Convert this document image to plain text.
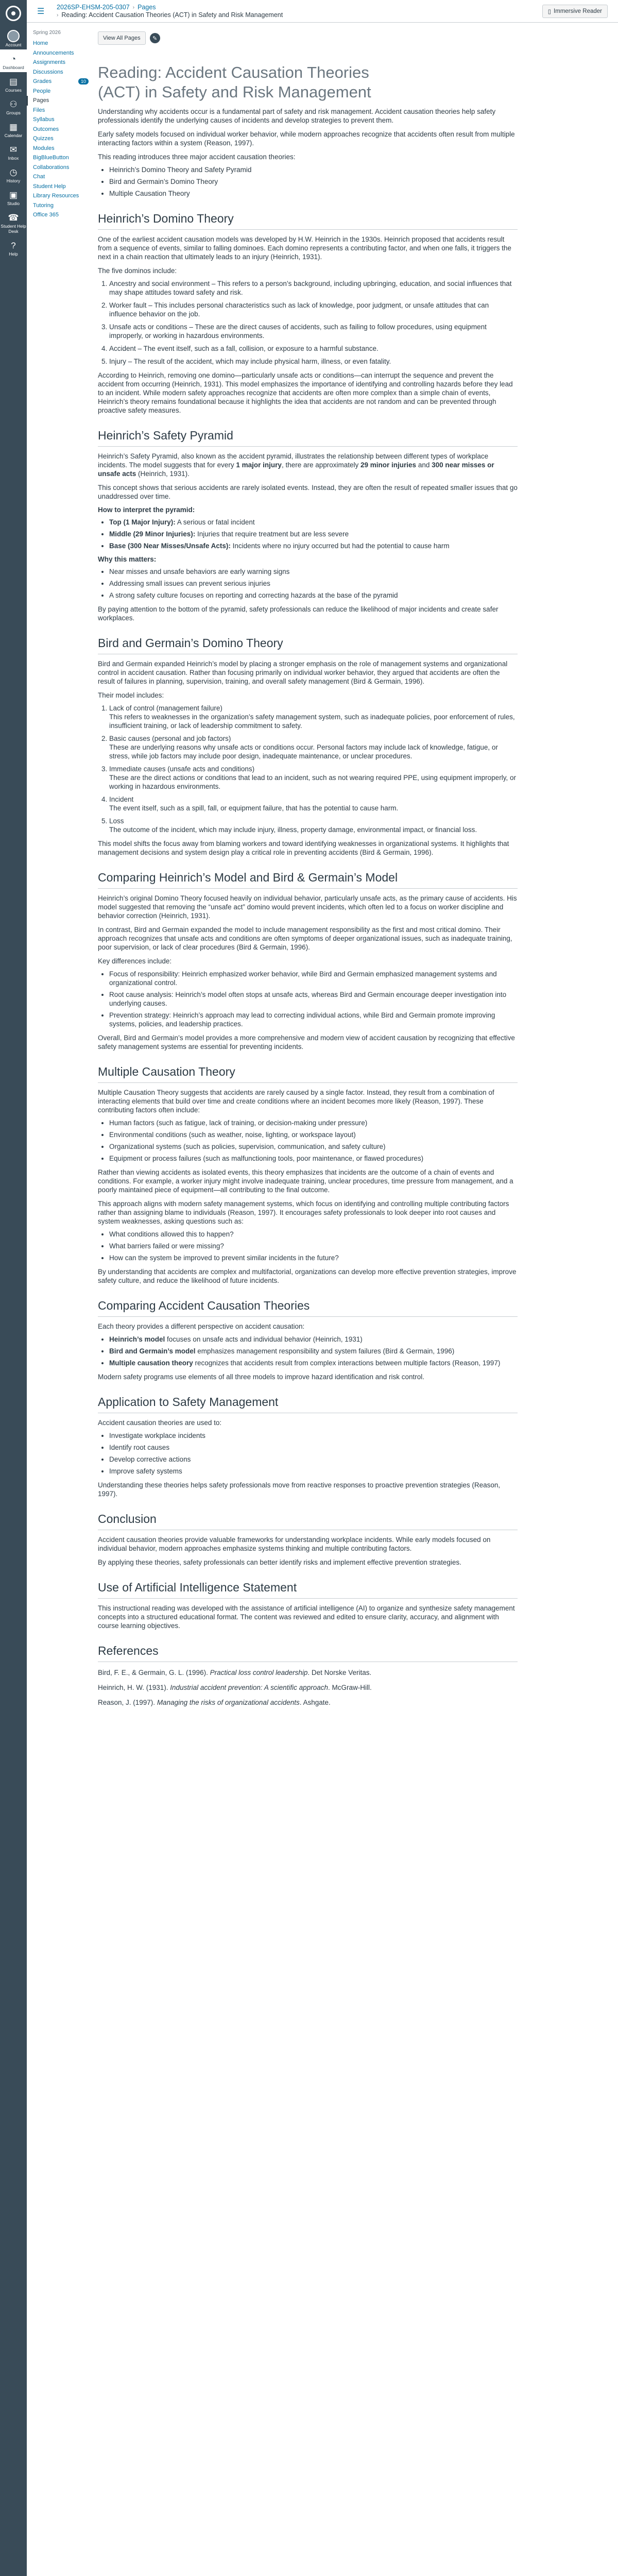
Account
◔
Dashboard
▤
Courses
⚇
Groups
▦
Calendar
✉
Inbox
◷
History
▣
Studio
☎
Student Help Desk
?
Help
☰	2026SP-EHSM-205-0307 › Pages
› Reading: Accident Causation Theories (ACT) in Safety and Risk Management	▯ Immersive Reader
Spring 2026
Home
Announcements
Assignments
Discussions
Grades	10
People
Pages
Files
Syllabus
Outcomes
Quizzes
Modules
BigBlueButton
Collaborations
Chat
Student Help
Library Resources
Tutoring
Office 365
View All Pages	✎
Reading: Accident Causation Theories (ACT) in Safety and Risk Management

Understanding why accidents occur is a fundamental part of safety and risk management. Accident causation theories help safety professionals identify the underlying causes of incidents and develop strategies to prevent them.

Early safety models focused on individual worker behavior, while modern approaches recognize that accidents often result from multiple interacting factors within a system (Reason, 1997).

This reading introduces three major accident causation theories:

• Heinrich’s Domino Theory and Safety Pyramid
• Bird and Germain’s Domino Theory
• Multiple Causation Theory
Heinrich’s Domino Theory

One of the earliest accident causation models was developed by H.W. Heinrich in the 1930s. Heinrich proposed that accidents result from a sequence of events, similar to falling dominoes. Each domino represents a contributing factor, and when one falls, it triggers the next in a chain reaction that ultimately leads to an injury (Heinrich, 1931).

The five dominos include:

1. Ancestry and social environment – This refers to a person’s background, including upbringing, education, and social influences that may shape attitudes toward safety and risk.
2. Worker fault – This includes personal characteristics such as lack of knowledge, poor judgment, or unsafe attitudes that can influence behavior on the job.
3. Unsafe acts or conditions – These are the direct causes of accidents, such as failing to follow procedures, using equipment improperly, or working in hazardous environments.
4. Accident – The event itself, such as a fall, collision, or exposure to a harmful substance.
5. Injury – The result of the accident, which may include physical harm, illness, or even fatality.

According to Heinrich, removing one domino—particularly unsafe acts or conditions—can interrupt the sequence and prevent the accident from occurring (Heinrich, 1931). This model emphasizes the importance of identifying and controlling hazards before they lead to an incident. While modern safety approaches recognize that accidents are often more complex than a simple chain of events, Heinrich’s theory remains foundational because it highlights the idea that accidents are not random and can be prevented through proactive safety measures.

Heinrich’s Safety Pyramid

Heinrich’s Safety Pyramid, also known as the accident pyramid, illustrates the relationship between different types of workplace incidents. The model suggests that for every 1 major injury, there are approximately 29 minor injuries and 300 near misses or unsafe acts (Heinrich, 1931).

This concept shows that serious accidents are rarely isolated events. Instead, they are often the result of repeated smaller issues that go unaddressed over time.

How to interpret the pyramid:
• Top (1 Major Injury): A serious or fatal incident
• Middle (29 Minor Injuries): Injuries that require treatment but are less severe
• Base (300 Near Misses/Unsafe Acts): Incidents where no injury occurred but had the potential to cause harm
Why this matters:
• Near misses and unsafe behaviors are early warning signs
• Addressing small issues can prevent serious injuries
• A strong safety culture focuses on reporting and correcting hazards at the base of the pyramid

By paying attention to the bottom of the pyramid, safety professionals can reduce the likelihood of major incidents and create safer workplaces.

Bird and Germain’s Domino Theory

Bird and Germain expanded Heinrich’s model by placing a stronger emphasis on the role of management systems and organizational control in accident causation. Rather than focusing primarily on individual worker behavior, they argued that accidents are often the result of failures in planning, supervision, training, and overall safety management (Bird & Germain, 1996).

Their model includes:

1. Lack of control (management failure)
This refers to weaknesses in the organization’s safety management system, such as inadequate policies, poor enforcement of rules, insufficient training, or lack of leadership commitment to safety.
2. Basic causes (personal and job factors)
These are underlying reasons why unsafe acts or conditions occur. Personal factors may include lack of knowledge, fatigue, or stress, while job factors may include poor design, inadequate maintenance, or unclear procedures.
3. Immediate causes (unsafe acts and conditions)
These are the direct actions or conditions that lead to an incident, such as not wearing required PPE, using equipment improperly, or working in hazardous environments.
4. Incident
The event itself, such as a spill, fall, or equipment failure, that has the potential to cause harm.
5. Loss
The outcome of the incident, which may include injury, illness, property damage, environmental impact, or financial loss.

This model shifts the focus away from blaming workers and toward identifying weaknesses in organizational systems. It highlights that management decisions and system design play a critical role in preventing accidents (Bird & Germain, 1996).

Comparing Heinrich’s Model and Bird & Germain’s Model

Heinrich’s original Domino Theory focused heavily on individual behavior, particularly unsafe acts, as the primary cause of accidents. His model suggested that removing the “unsafe act” domino would prevent incidents, which often led to a focus on worker discipline and behavior correction (Heinrich, 1931).

In contrast, Bird and Germain expanded the model to include management responsibility as the first and most critical domino. Their approach recognizes that unsafe acts and conditions are often symptoms of deeper organizational issues, such as inadequate training, poor supervision, or lack of clear procedures (Bird & Germain, 1996).

Key differences include:

• Focus of responsibility: Heinrich emphasized worker behavior, while Bird and Germain emphasized management systems and organizational control.
• Root cause analysis: Heinrich’s model often stops at unsafe acts, whereas Bird and Germain encourage deeper investigation into underlying causes.
• Prevention strategy: Heinrich’s approach may lead to correcting individual actions, while Bird and Germain promote improving systems, policies, and leadership practices.

Overall, Bird and Germain’s model provides a more comprehensive and modern view of accident causation by recognizing that effective safety management systems are essential for preventing incidents.

Multiple Causation Theory

Multiple Causation Theory suggests that accidents are rarely caused by a single factor. Instead, they result from a combination of interacting elements that build over time and create conditions where an incident becomes more likely (Reason, 1997). These contributing factors often include:

• Human factors (such as fatigue, lack of training, or decision-making under pressure)
• Environmental conditions (such as weather, noise, lighting, or workspace layout)
• Organizational systems (such as policies, supervision, communication, and safety culture)
• Equipment or process failures (such as malfunctioning tools, poor maintenance, or flawed procedures)

Rather than viewing accidents as isolated events, this theory emphasizes that incidents are the outcome of a chain of events and conditions. For example, a worker injury might involve inadequate training, unclear procedures, time pressure from management, and a poorly maintained piece of equipment—all contributing to the final outcome.

This approach aligns with modern safety management systems, which focus on identifying and controlling multiple contributing factors rather than assigning blame to individuals (Reason, 1997). It encourages safety professionals to look deeper into root causes and system weaknesses, asking questions such as:

• What conditions allowed this to happen?
• What barriers failed or were missing?
• How can the system be improved to prevent similar incidents in the future?

By understanding that accidents are complex and multifactorial, organizations can develop more effective prevention strategies, improve safety culture, and reduce the likelihood of future incidents.

Comparing Accident Causation Theories

Each theory provides a different perspective on accident causation:

• Heinrich’s model focuses on unsafe acts and individual behavior (Heinrich, 1931)
• Bird and Germain’s model emphasizes management responsibility and system failures (Bird & Germain, 1996)
• Multiple causation theory recognizes that accidents result from complex interactions between multiple factors (Reason, 1997)

Modern safety programs use elements of all three models to improve hazard identification and risk control.

Application to Safety Management

Accident causation theories are used to:

• Investigate workplace incidents
• Identify root causes
• Develop corrective actions
• Improve safety systems

Understanding these theories helps safety professionals move from reactive responses to proactive prevention strategies (Reason, 1997).

Conclusion

Accident causation theories provide valuable frameworks for understanding workplace incidents. While early models focused on individual behavior, modern approaches emphasize systems thinking and multiple contributing factors.

By applying these theories, safety professionals can better identify risks and implement effective prevention strategies.

Use of Artificial Intelligence Statement

This instructional reading was developed with the assistance of artificial intelligence (AI) to organize and synthesize safety management concepts into a structured educational format. The content was reviewed and edited to ensure clarity, accuracy, and alignment with course learning objectives.

References

Bird, F. E., & Germain, G. L. (1996). Practical loss control leadership. Det Norske Veritas.

Heinrich, H. W. (1931). Industrial accident prevention: A scientific approach. McGraw-Hill.

Reason, J. (1997). Managing the risks of organizational accidents. Ashgate.
